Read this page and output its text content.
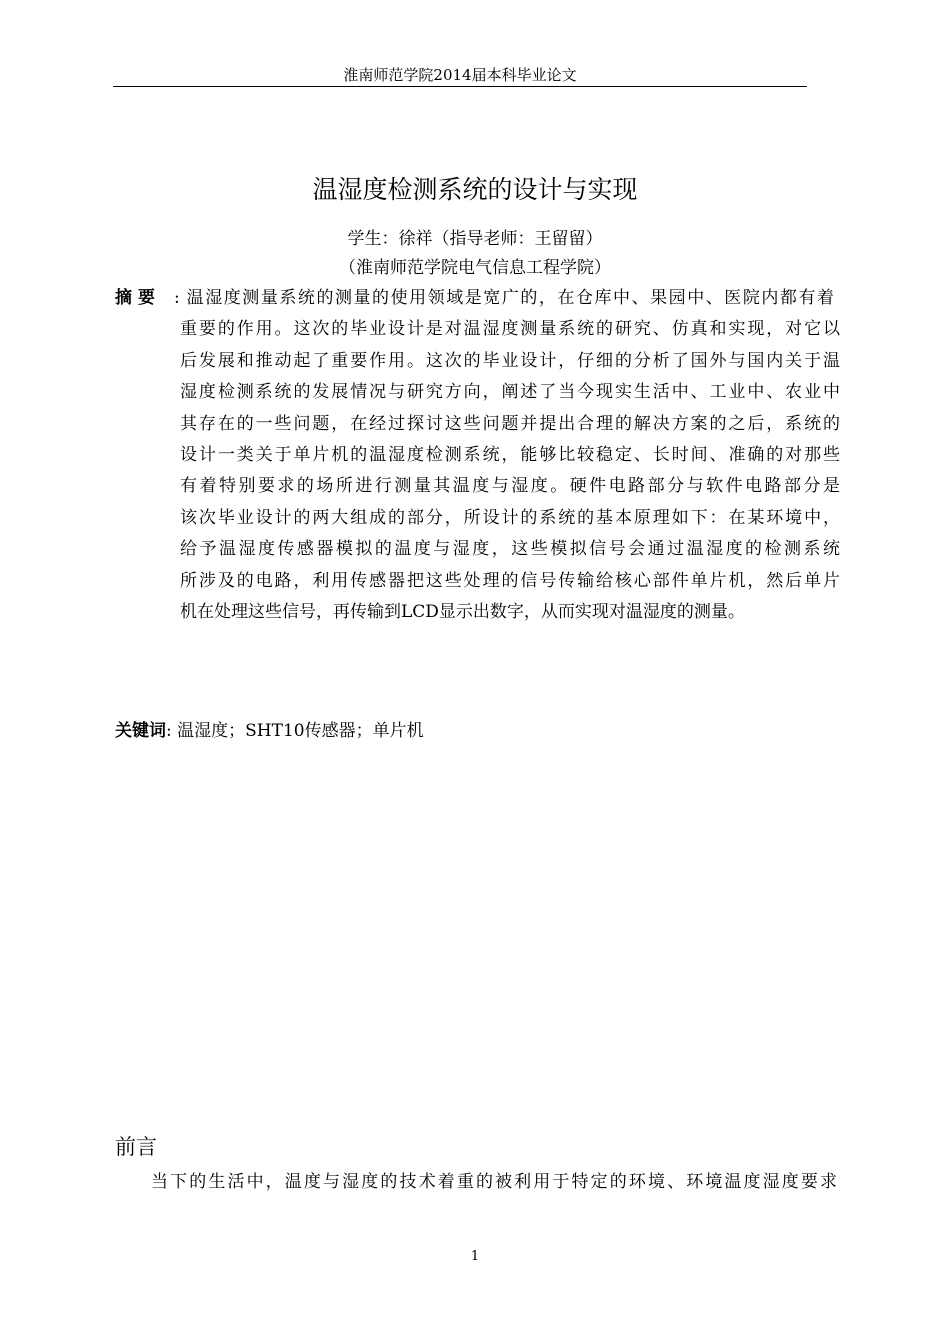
淮南师范学院2014届本科毕业论文
温湿度检测系统的设计与实现
学生：徐祥（指导老师：王留留）
（淮南师范学院电气信息工程学院）
摘 要 : 温湿度测量系统的测量的使用领域是宽广的，在仓库中、果园中、医院内都有着
重要的作用。这次的毕业设计是对温湿度测量系统的研究、仿真和实现，对它以
后发展和推动起了重要作用。这次的毕业设计，仔细的分析了国外与国内关于温
湿度检测系统的发展情况与研究方向，阐述了当今现实生活中、工业中、农业中
其存在的一些问题，在经过探讨这些问题并提出合理的解决方案的之后，系统的
设计一类关于单片机的温湿度检测系统，能够比较稳定、长时间、准确的对那些
有着特别要求的场所进行测量其温度与湿度。硬件电路部分与软件电路部分是
该次毕业设计的两大组成的部分，所设计的系统的基本原理如下：在某环境中，
给予温湿度传感器模拟的温度与湿度，这些模拟信号会通过温湿度的检测系统
所涉及的电路，利用传感器把这些处理的信号传输给核心部件单片机，然后单片
机在处理这些信号，再传输到LCD显示出数字，从而实现对温湿度的测量。
关键词: 温湿度；SHT10传感器；单片机
前言
当下的生活中，温度与湿度的技术着重的被利用于特定的环境、环境温度湿度要求
1
